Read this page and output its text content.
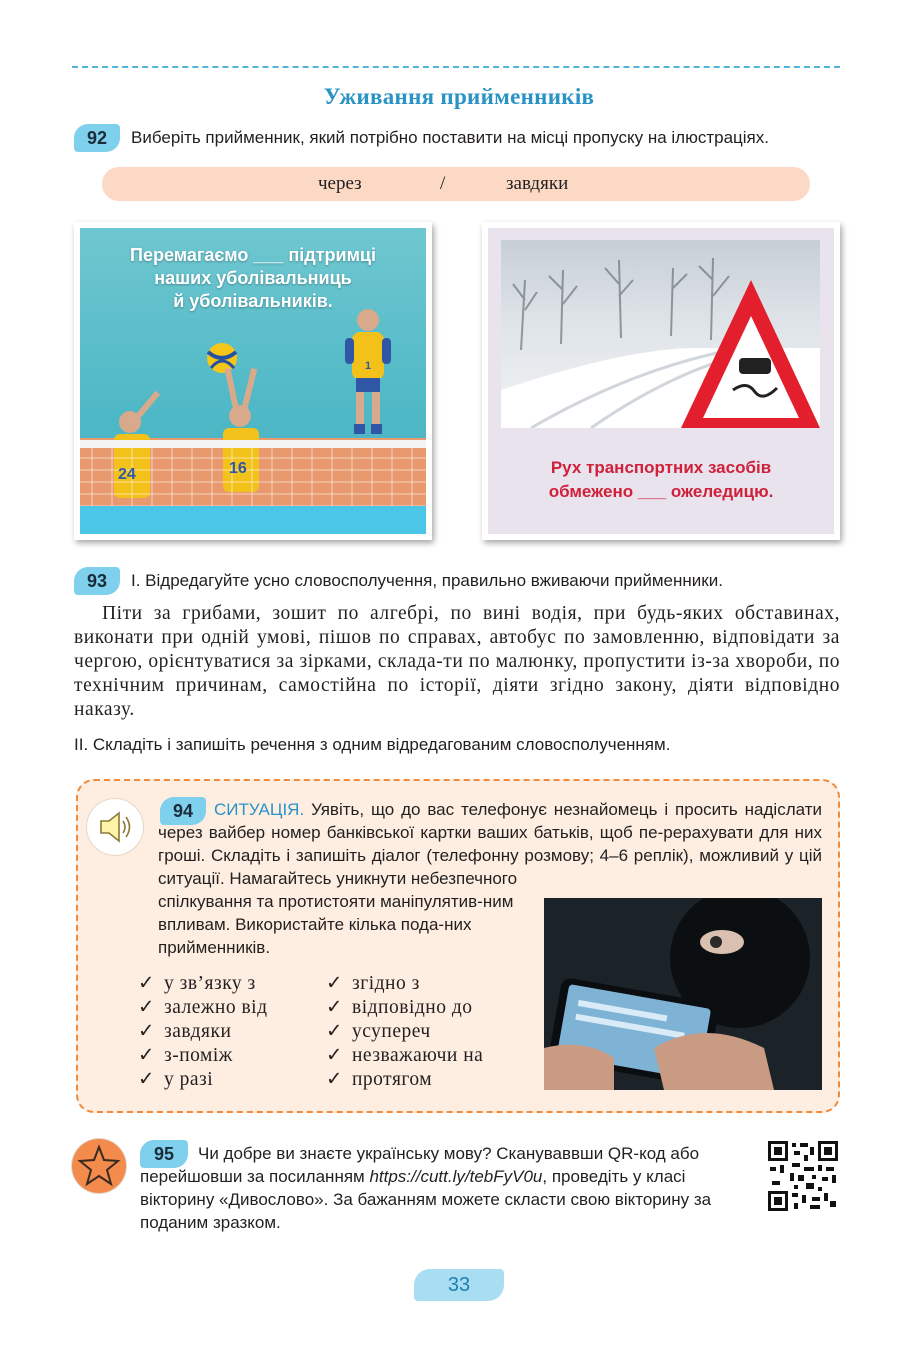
Уживання прийменників
92	Виберіть прийменник, який потрібно поставити на місці пропуску на ілюстраціях.
через	/	завдяки
24	16
1
Перемагаємо ___ підтримці
наших уболівальниць
й уболівальників.
Рух транспортних засобів
обмежено ___ ожеледицю.
93	I. Відредагуйте усно словосполучення, правильно вживаючи прийменники.

Піти за грибами, зошит по алгебрі, по вині водія, при будь-яких обставинах, виконати при одній умові, пішов по справах, автобус по замовленню, відповідати за чергою, орієнтуватися за зірками, склада-ти по малюнку, пропустити із-за хвороби, по технічним причинам, самостійна по історії, діяти згідно закону, діяти відповідно наказу.

II. Складіть і запишіть речення з одним відредагованим словосполученням.
94	СИТУАЦІЯ. Уявіть, що до вас телефонує незнайомець і просить надіслати через вайбер номер банківської картки ваших батьків, щоб пе-рерахувати для них гроші. Складіть і запишіть діалог (телефонну розмову; 4–6 реплік), можливий у цій ситуації. Намагайтесь уникнути небезпечного
спілкування та протистояти маніпулятив-ним впливам. Використайте кілька пода-них прийменників.
✓ у зв’язку з
✓ залежно від
✓ завдяки
✓ з-поміж
✓ у разі
✓ згідно з
✓ відповідно до
✓ усупереч
✓ незважаючи на
✓ протягом
95	Чи добре ви знаєте українську мову? Скануваввши QR-код або перейшовши за посиланням https://cutt.ly/tebFyV0u, проведіть у класі вікторину «Дивослово». За бажанням можете скласти свою вікторину за поданим зразком.
33
